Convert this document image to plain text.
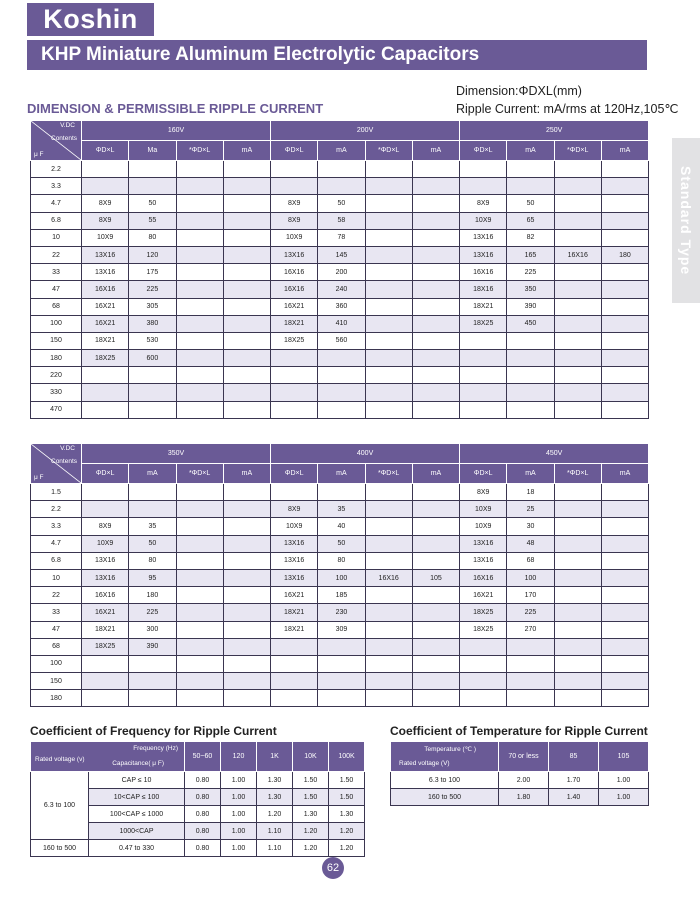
Koshin
KHP Miniature Aluminum Electrolytic Capacitors
Dimension:ΦDXL(mm)
DIMENSION & PERMISSIBLE RIPPLE CURRENT	Ripple Current: mA/rms at 120Hz,105℃
Standard Type
V.DC
Contents
μ F	160V				200V				250V			
	ΦD×L	Ma	*ΦD×L	mA	ΦD×L	mA	*ΦD×L	mA	ΦD×L	mA	*ΦD×L	mA
2.2												
3.3												
4.7	8X9	50			8X9	50			8X9	50		
6.8	8X9	55			8X9	58			10X9	65		
10	10X9	80			10X9	78			13X16	82		
22	13X16	120			13X16	145			13X16	165	16X16	180
33	13X16	175			16X16	200			16X16	225		
47	16X16	225			16X16	240			18X16	350		
68	16X21	305			16X21	360			18X21	390		
100	16X21	380			18X21	410			18X25	450		
150	18X21	530			18X25	560						
180	18X25	600										
220												
330												
470												
V.DC
Contents
μ F	350V				400V				450V			
	ΦD×L	mA	*ΦD×L	mA	ΦD×L	mA	*ΦD×L	mA	ΦD×L	mA	*ΦD×L	mA
1.5									8X9	18		
2.2					8X9	35			10X9	25		
3.3	8X9	35			10X9	40			10X9	30		
4.7	10X9	50			13X16	50			13X16	48		
6.8	13X16	80			13X16	80			13X16	68		
10	13X16	95			13X16	100	16X16	105	16X16	100		
22	16X16	180			16X21	185			16X21	170		
33	16X21	225			18X21	230			18X25	225		
47	18X21	300			18X21	309			18X25	270		
68	18X25	390										
100												
150												
180												
Coefficient of Frequency for Ripple Current
Frequency (Hz)
Rated voltage (v)
Capacitance( μ F)		50~60	120	1K	10K	100K
6.3 to 100	CAP ≤ 10	0.80	1.00	1.30	1.50	1.50
	10<CAP ≤ 100	0.80	1.00	1.30	1.50	1.50
	100<CAP ≤ 1000	0.80	1.00	1.20	1.30	1.30
	1000<CAP	0.80	1.00	1.10	1.20	1.20
160 to 500	0.47 to 330	0.80	1.00	1.10	1.20	1.20
Coefficient of Temperature for Ripple Current
Temperature (℃ )
Rated voltage (V)	70 or less	85	105
6.3 to 100	2.00	1.70	1.00
160 to 500	1.80	1.40	1.00
62
